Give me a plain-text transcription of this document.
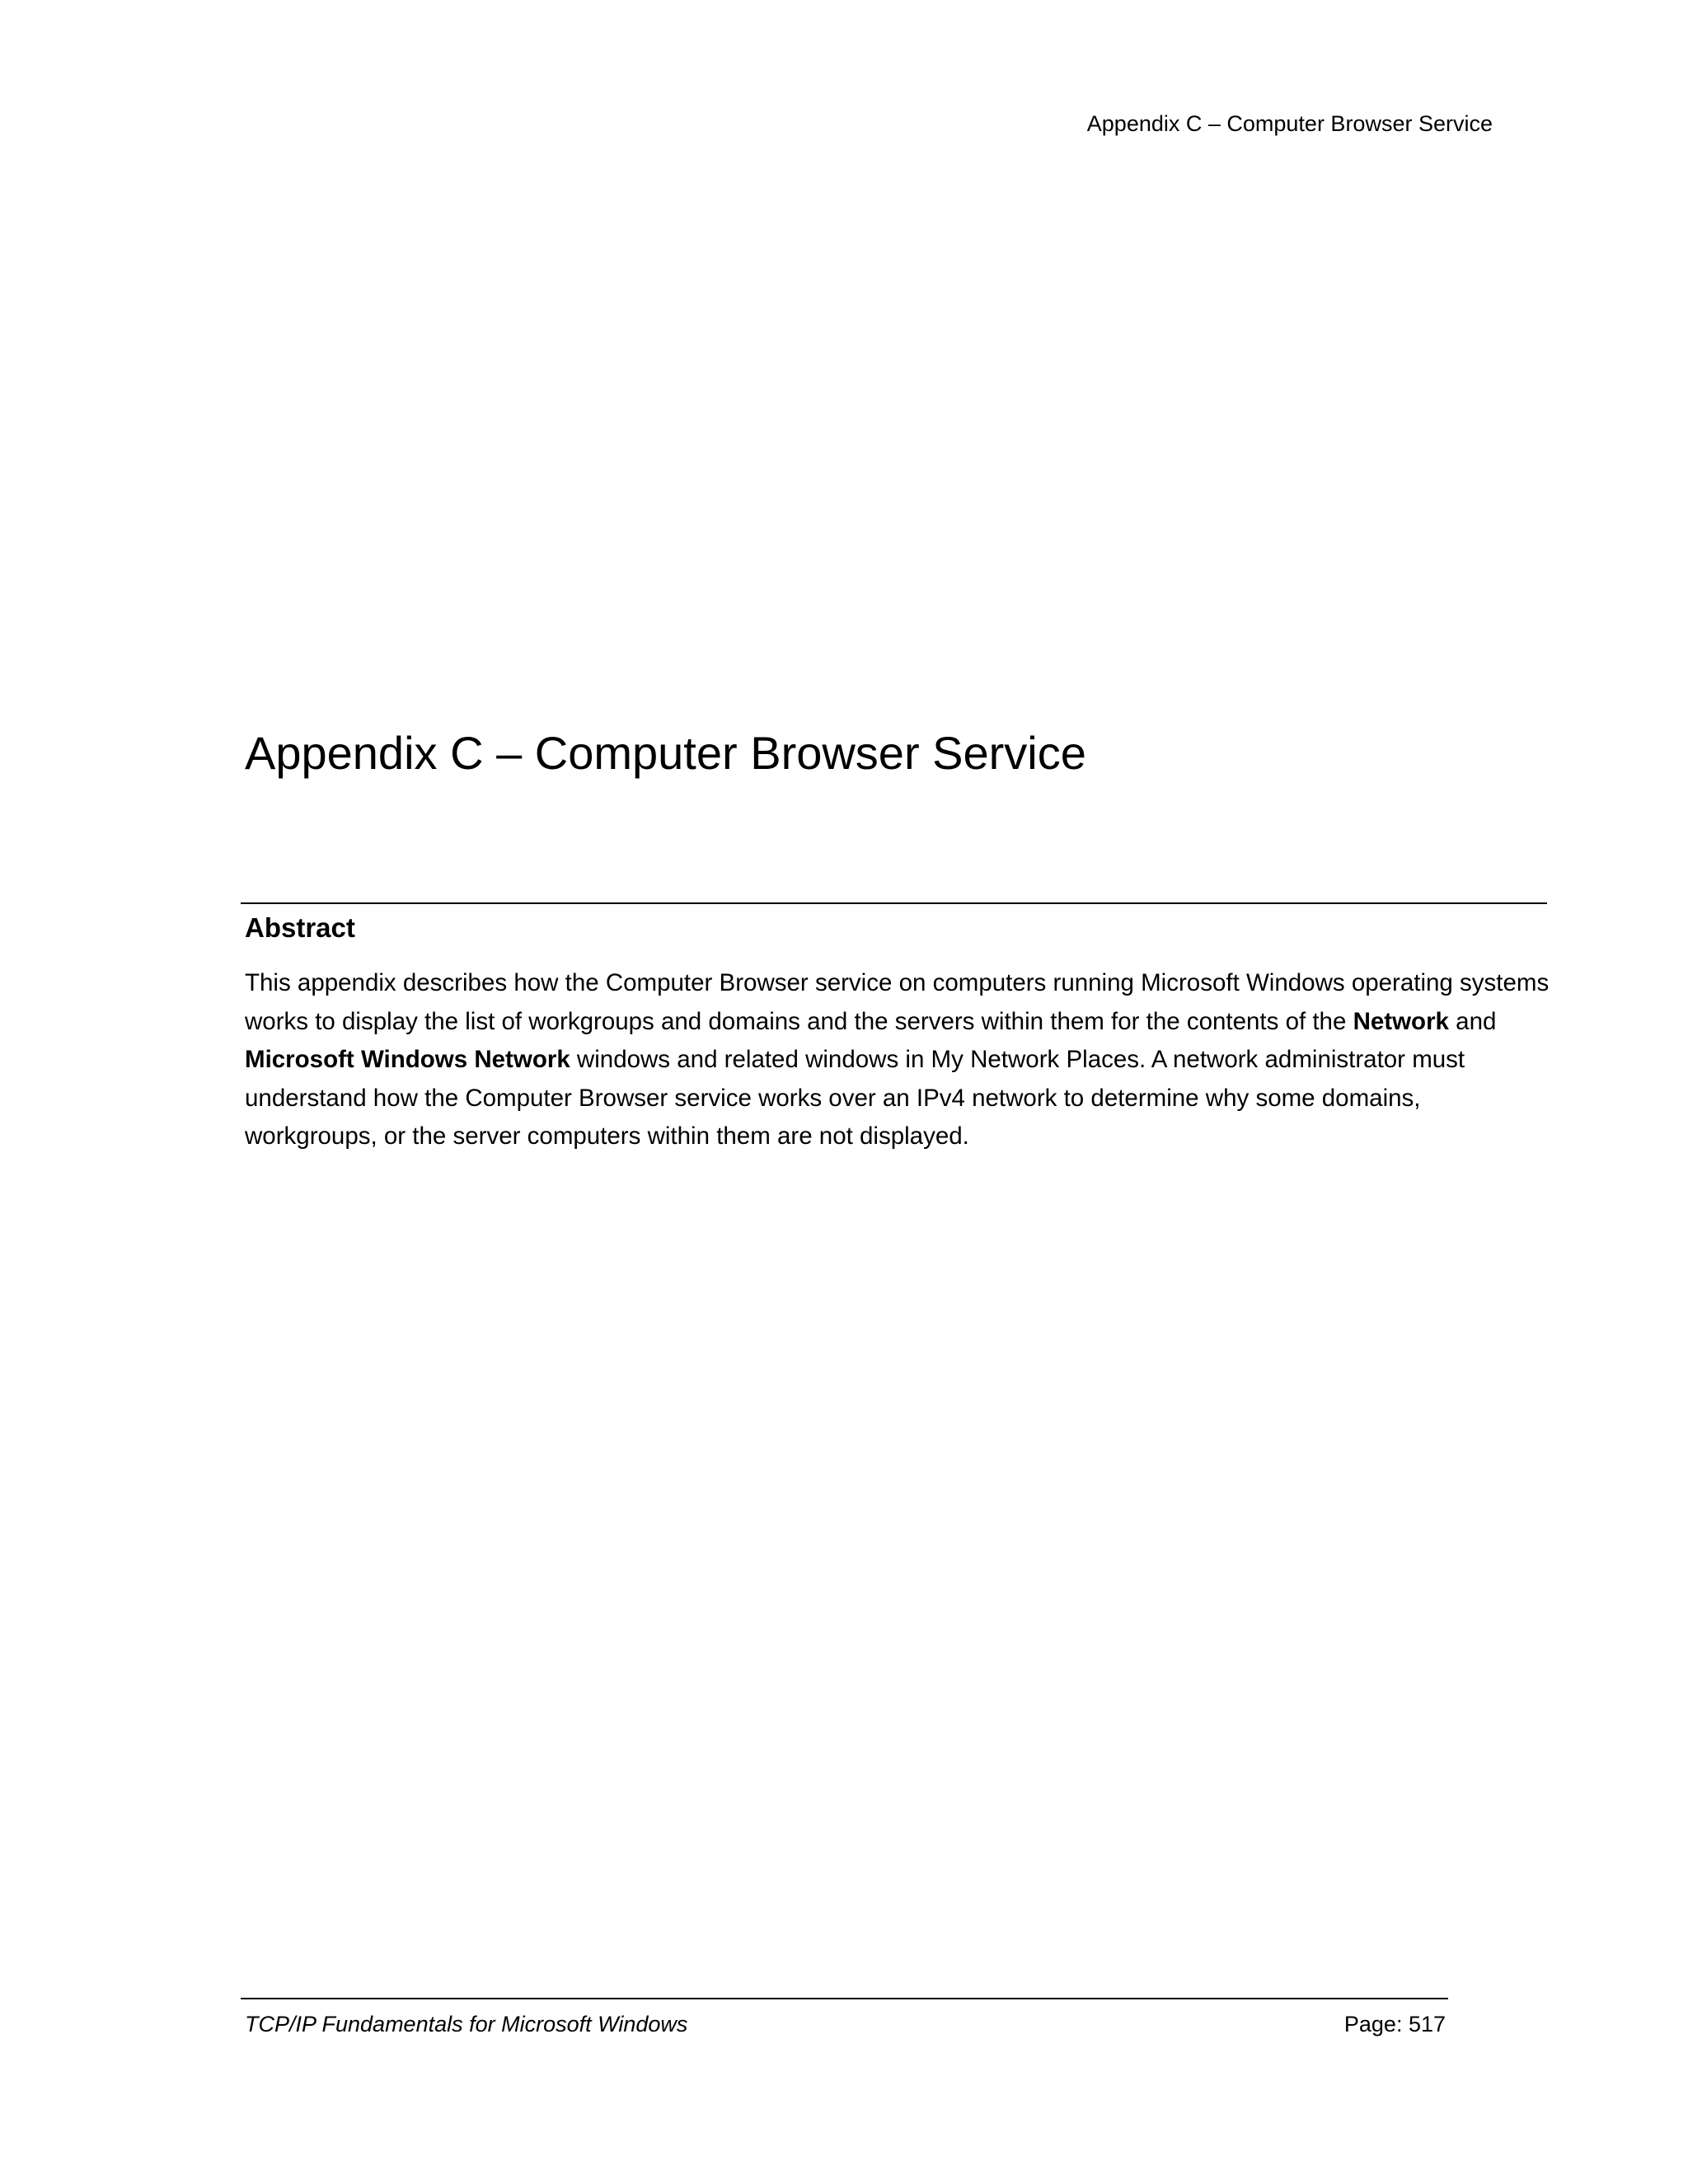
Appendix C – Computer Browser Service
Appendix C – Computer Browser Service
Abstract

This appendix describes how the Computer Browser service on computers running Microsoft Windows operating systems works to display the list of workgroups and domains and the servers within them for the contents of the Network and Microsoft Windows Network windows and related windows in My Network Places. A network administrator must understand how the Computer Browser service works over an IPv4 network to determine why some domains, workgroups, or the server computers within them are not displayed.

TCP/IP Fundamentals for Microsoft Windows	Page: 517
